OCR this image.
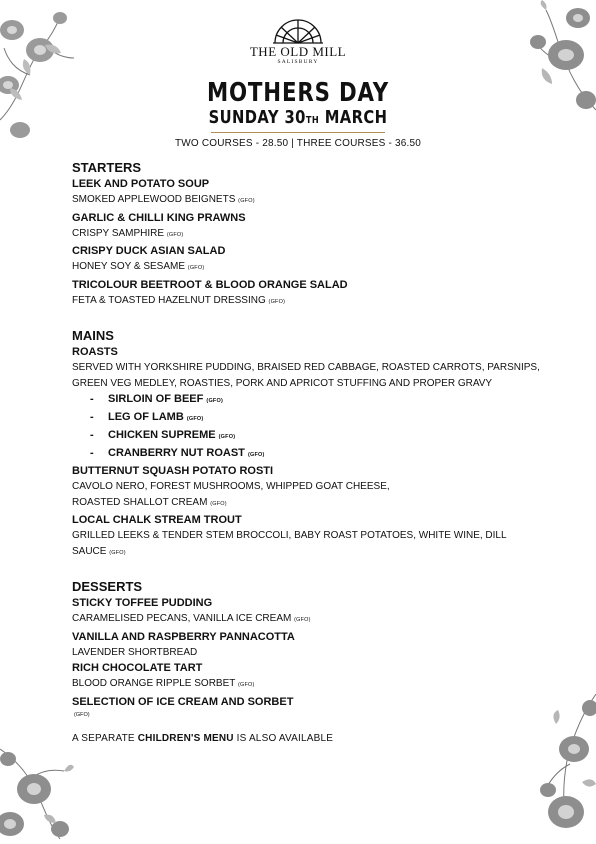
THE OLD MILL
SALISBURY
MOTHERS DAY
SUNDAY 30TH MARCH
TWO COURSES - 28.50 | THREE COURSES - 36.50
STARTERS
LEEK AND POTATO SOUP
SMOKED APPLEWOOD BEIGNETS (GFO)
GARLIC & CHILLI KING PRAWNS
CRISPY SAMPHIRE (GFO)
CRISPY DUCK ASIAN SALAD
HONEY SOY & SESAME (GFO)
TRICOLOUR BEETROOT & BLOOD ORANGE SALAD
FETA & TOASTED HAZELNUT DRESSING (GFO)
MAINS
ROASTS
SERVED WITH YORKSHIRE PUDDING, BRAISED RED CABBAGE, ROASTED CARROTS, PARSNIPS, GREEN VEG MEDLEY, ROASTIES, PORK AND APRICOT STUFFING AND PROPER GRAVY
- SIRLOIN OF BEEF (GFO)
- LEG OF LAMB (GFO)
- CHICKEN SUPREME (GFO)
- CRANBERRY NUT ROAST (GFO)
BUTTERNUT SQUASH POTATO ROSTI
CAVOLO NERO, FOREST MUSHROOMS, WHIPPED GOAT CHEESE, ROASTED SHALLOT CREAM (GFO)
LOCAL CHALK STREAM TROUT
GRILLED LEEKS & TENDER STEM BROCCOLI, BABY ROAST POTATOES, WHITE WINE, DILL SAUCE (GFO)
DESSERTS
STICKY TOFFEE PUDDING
CARAMELISED PECANS, VANILLA ICE CREAM (GFO)
VANILLA AND RASPBERRY PANNACOTTA
LAVENDER SHORTBREAD
RICH CHOCOLATE TART
BLOOD ORANGE RIPPLE SORBET (GFO)
SELECTION OF ICE CREAM AND SORBET
(GFO)
A SEPARATE CHILDREN'S MENU IS ALSO AVAILABLE
